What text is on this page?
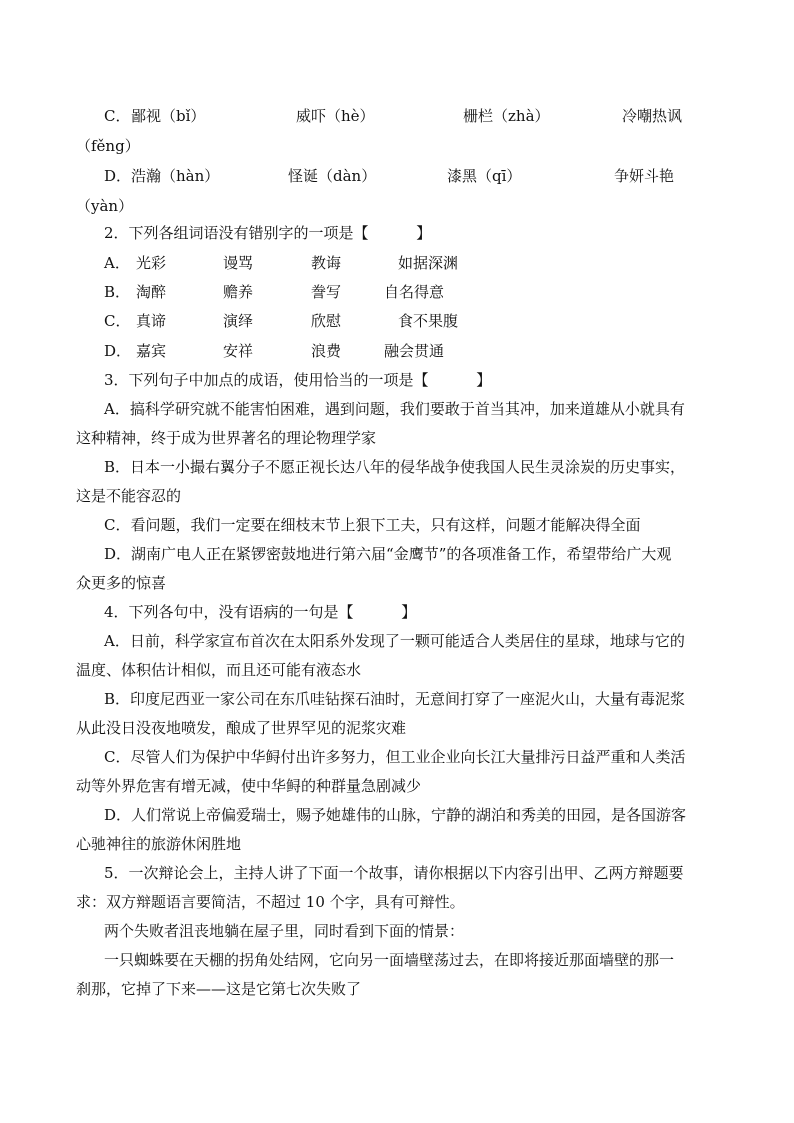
C． 鄙视（bǐ）	威吓（hè）	栅栏（zhà）	冷嘲热讽
（fěng）
D． 浩瀚（hàn）	怪诞（dàn）	漆黑（qī）	争妍斗艳
（yàn）
2．下列各组词语没有错别字的一项是【	】
A． 光彩	谩骂	教诲	如据深渊
B． 淘醉	赡养	誊写	自名得意
C． 真谛	演绎	欣慰	食不果腹
D． 嘉宾	安祥	浪费	融会贯通
3．下列句子中加点的成语，使用恰当的一项是【	】
A．搞科学研究就不能害怕困难，遇到问题，我们要敢于首当其冲，加来道雄从小就具有
这种精神，终于成为世界著名的理论物理学家
B．日本一小撮右翼分子不愿正视长达八年的侵华战争使我国人民生灵涂炭的历史事实，
这是不能容忍的
C．看问题，我们一定要在细枝末节上狠下工夫，只有这样，问题才能解决得全面
D．湖南广电人正在紧锣密鼓地进行第六届“金鹰节”的各项准备工作，希望带给广大观
众更多的惊喜
4．下列各句中，没有语病的一句是【	】
A．日前，科学家宣布首次在太阳系外发现了一颗可能适合人类居住的星球，地球与它的
温度、体积估计相似，而且还可能有液态水
B．印度尼西亚一家公司在东爪哇钻探石油时，无意间打穿了一座泥火山，大量有毒泥浆
从此没日没夜地喷发，酿成了世界罕见的泥浆灾难
C．尽管人们为保护中华鲟付出许多努力，但工业企业向长江大量排污日益严重和人类活
动等外界危害有增无减，使中华鲟的种群量急剧减少
D．人们常说上帝偏爱瑞士，赐予她雄伟的山脉，宁静的湖泊和秀美的田园，是各国游客
心驰神往的旅游休闲胜地
5．一次辩论会上，主持人讲了下面一个故事，请你根据以下内容引出甲、乙两方辩题要
求：双方辩题语言要简洁，不超过 10 个字，具有可辩性。
两个失败者沮丧地躺在屋子里，同时看到下面的情景：
一只蜘蛛要在天棚的拐角处结网，它向另一面墙壁荡过去，在即将接近那面墙壁的那一
刹那，它掉了下来——这是它第七次失败了
